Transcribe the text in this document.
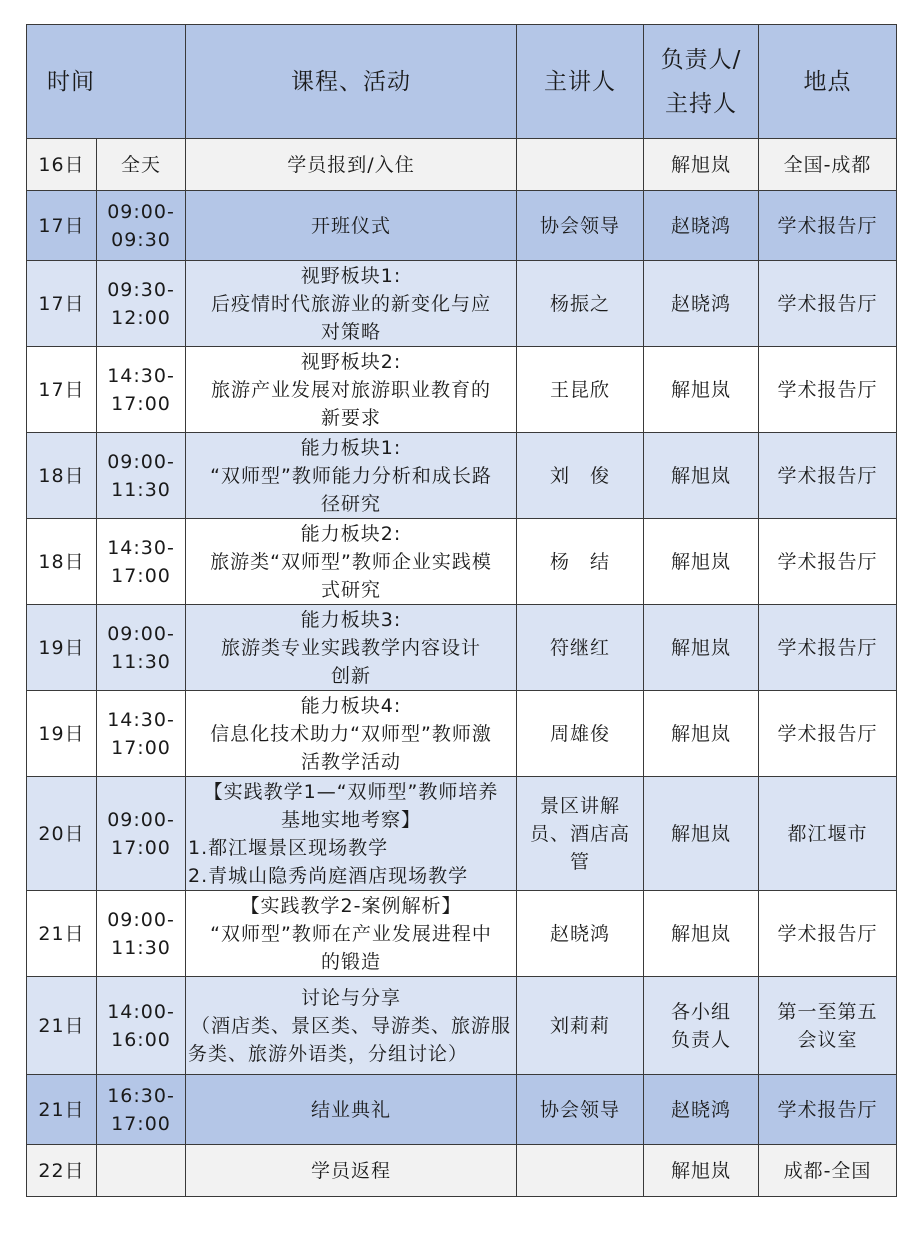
时间		课程、活动	主讲人	负责人/
主持人	地点
16日	全天	学员报到/入住		解旭岚	全国-成都

17日	09:00-
09:30	开班仪式	协会领导	赵晓鸿	学术报告厅

17日	09:30-
12:00	视野板块1:
后疫情时代旅游业的新变化与应
对策略	杨振之	赵晓鸿	学术报告厅

17日	14:30-
17:00	视野板块2:
旅游产业发展对旅游职业教育的
新要求	王昆欣	解旭岚	学术报告厅

18日	09:00-
11:30	能力板块1:
“双师型”教师能力分析和成长路
径研究	刘　俊	解旭岚	学术报告厅

18日	14:30-
17:00	能力板块2:
旅游类“双师型”教师企业实践模
式研究	杨　结	解旭岚	学术报告厅

19日	09:00-
11:30	能力板块3:
旅游类专业实践教学内容设计
创新	符继红	解旭岚	学术报告厅

19日	14:30-
17:00	能力板块4:
信息化技术助力“双师型”教师激
活教学活动	周雄俊	解旭岚	学术报告厅

20日	09:00-
17:00	【实践教学1—“双师型”教师培养
基地实地考察】
1.都江堰景区现场教学
2.青城山隐秀尚庭酒店现场教学	景区讲解
员、酒店高
管	解旭岚	都江堰市

21日	09:00-
11:30	【实践教学2-案例解析】
“双师型”教师在产业发展进程中
的锻造	赵晓鸿	解旭岚	学术报告厅

21日	14:00-
16:00	讨论与分享
（酒店类、景区类、导游类、旅游服
务类、旅游外语类，分组讨论）	刘莉莉	各小组
负责人	第一至第五
会议室

21日	16:30-
17:00	结业典礼	协会领导	赵晓鸿	学术报告厅

22日		学员返程		解旭岚	成都-全国
